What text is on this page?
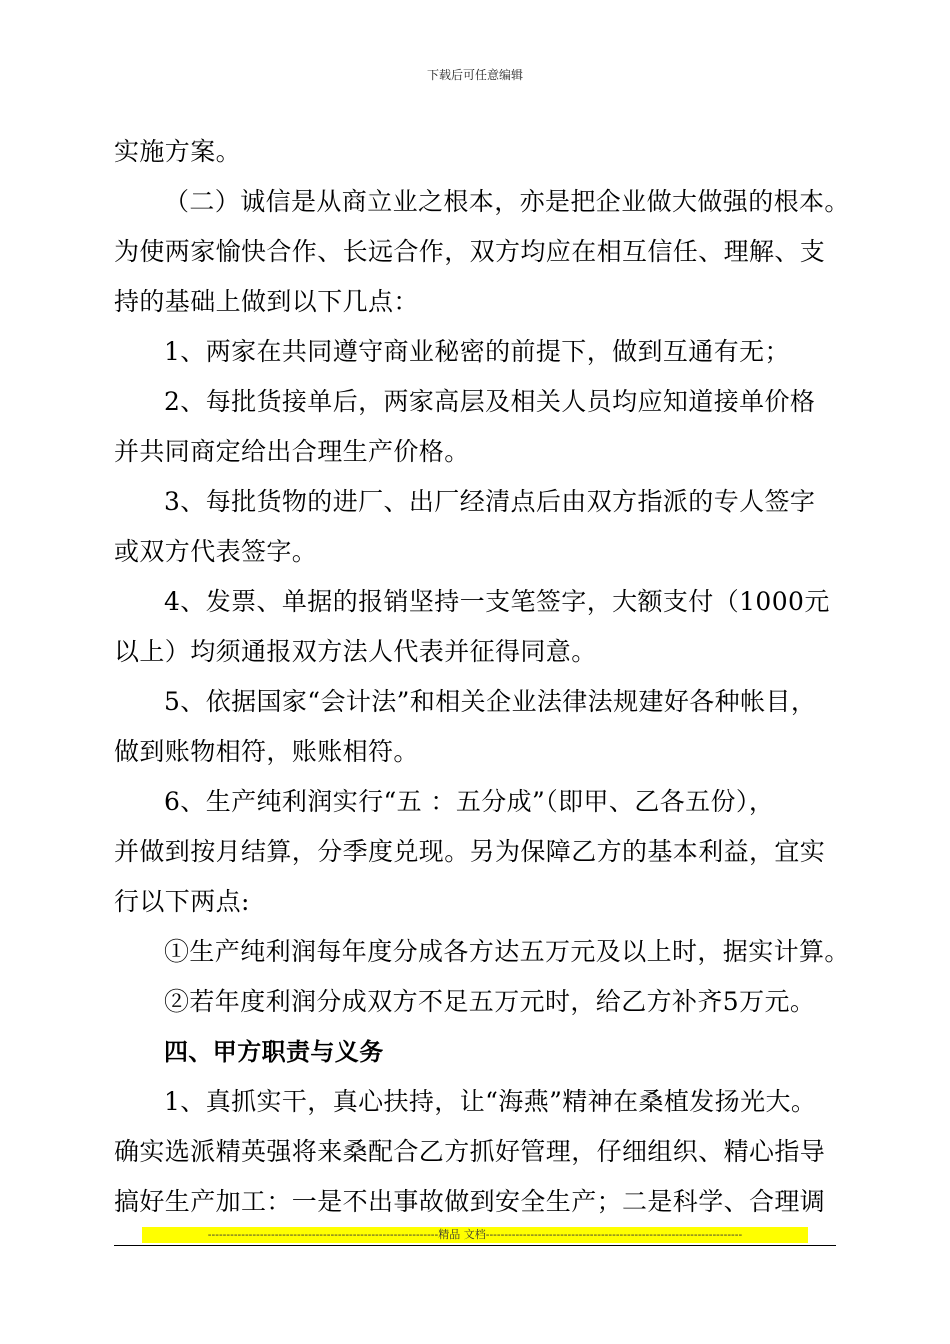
下载后可任意编辑
实施方案。
（二）诚信是从商立业之根本，亦是把企业做大做强的根本。
为使两家愉快合作、长远合作，双方均应在相互信任、理解、支
持的基础上做到以下几点：
1、两家在共同遵守商业秘密的前提下，做到互通有无；
2、每批货接单后，两家高层及相关人员均应知道接单价格
并共同商定给出合理生产价格。
3、每批货物的进厂、出厂经清点后由双方指派的专人签字
或双方代表签字。
4、发票、单据的报销坚持一支笔签字，大额支付（1000元
以上）均须通报双方法人代表并征得同意。
5、依据国家“会计法”和相关企业法律法规建好各种帐目，
做到账物相符，账账相符。
6、生产纯利润实行“五 ：五分成”（即甲、乙各五份），
并做到按月结算，分季度兑现。另为保障乙方的基本利益，宜实
行以下两点:
①生产纯利润每年度分成各方达五万元及以上时，据实计算。
②若年度利润分成双方不足五万元时，给乙方补齐5万元。
四、甲方职责与义务
1、真抓实干，真心扶持，让“海燕”精神在桑植发扬光大。
确实选派精英强将来桑配合乙方抓好管理，仔细组织、精心指导
搞好生产加工：一是不出事故做到安全生产；二是科学、合理调
--------------------------------------------------------------精品 文档---------------------------------------------------------------------
